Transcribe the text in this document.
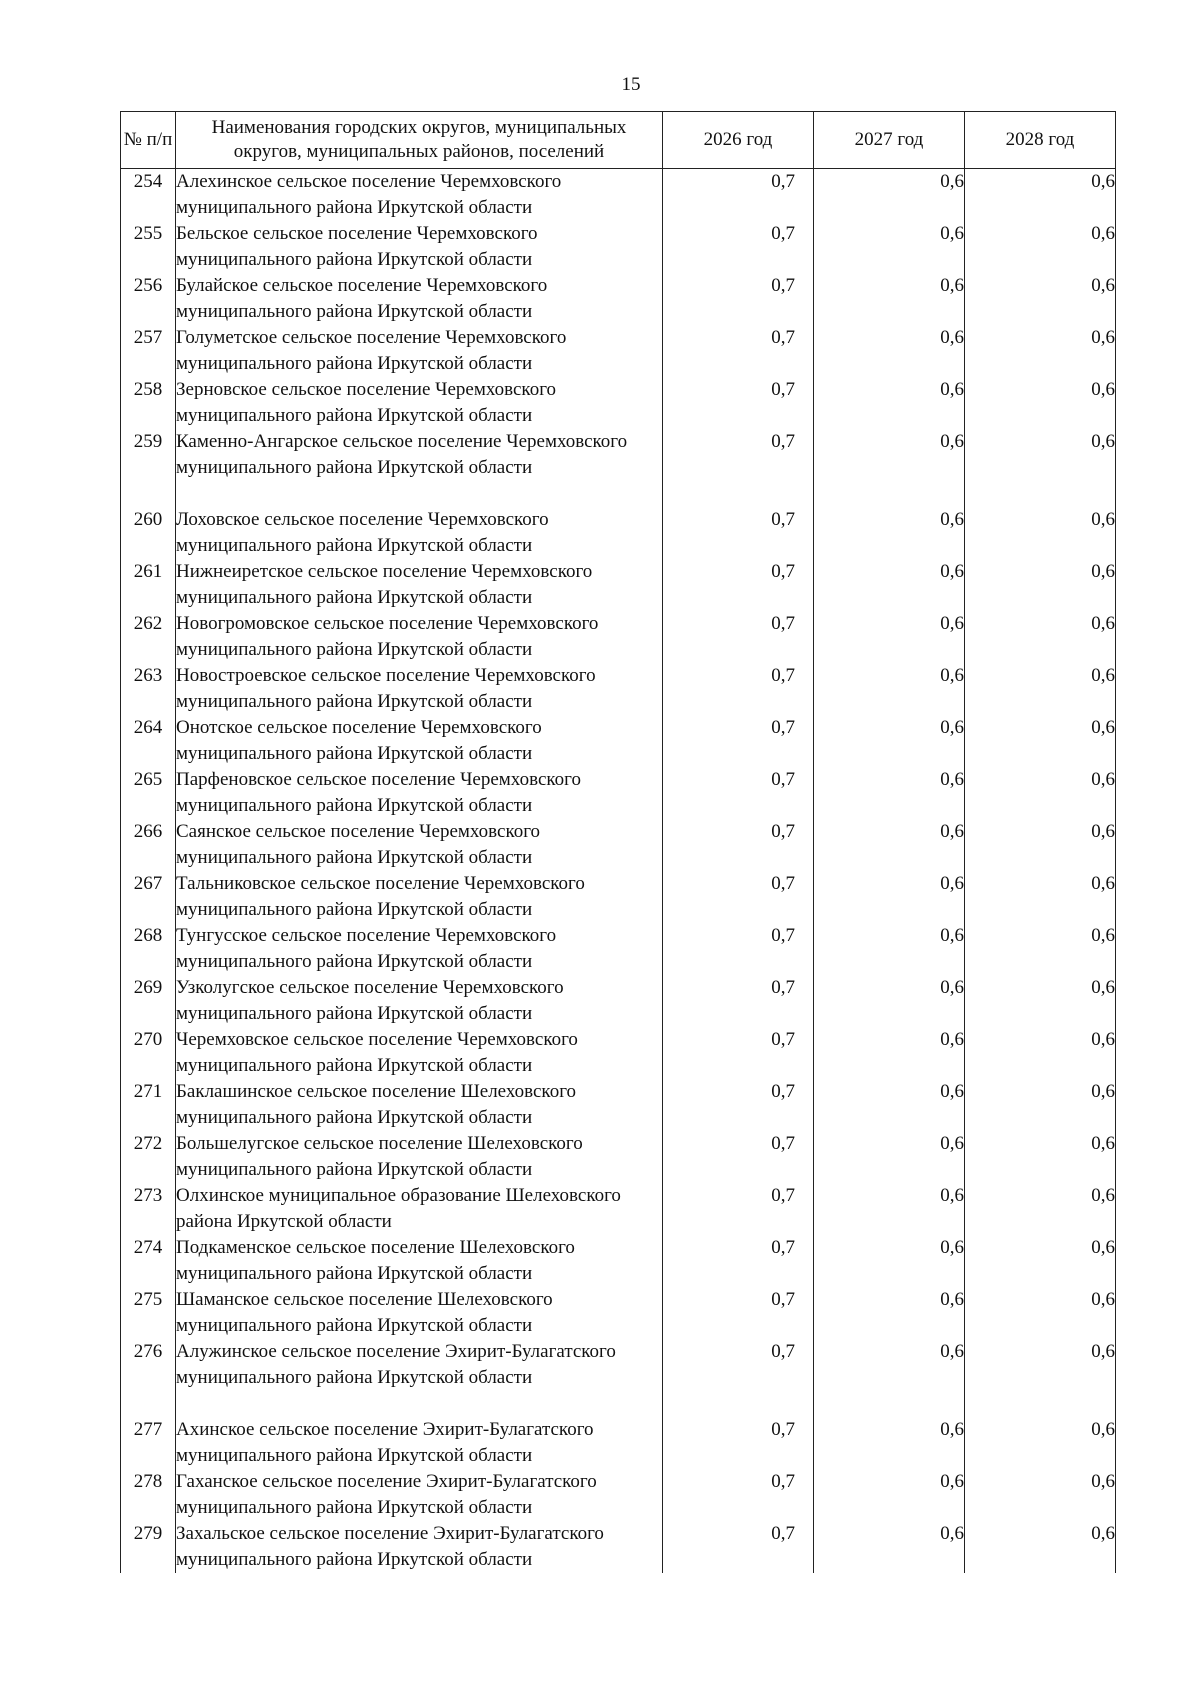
15
№ п/п	Наименования городских округов, муниципальных округов, муниципальных районов, поселений	2026 год	2027 год	2028 год
254	Алехинское сельское поселение Черемховского муниципального района Иркутской области	0,7	0,6	0,6
255	Бельское сельское поселение Черемховского муниципального района Иркутской области	0,7	0,6	0,6
256	Булайское сельское поселение Черемховского муниципального района Иркутской области	0,7	0,6	0,6
257	Голуметское сельское поселение Черемховского муниципального района Иркутской области	0,7	0,6	0,6
258	Зерновское сельское поселение Черемховского муниципального района Иркутской области	0,7	0,6	0,6
259	Каменно-Ангарское сельское поселение Черемховского муниципального района Иркутской области	0,7	0,6	0,6
260	Лоховское сельское поселение Черемховского муниципального района Иркутской области	0,7	0,6	0,6
261	Нижнеиретское сельское поселение Черемховского муниципального района Иркутской области	0,7	0,6	0,6
262	Новогромовское сельское поселение Черемховского муниципального района Иркутской области	0,7	0,6	0,6
263	Новостроевское сельское поселение Черемховского муниципального района Иркутской области	0,7	0,6	0,6
264	Онотское сельское поселение Черемховского муниципального района Иркутской области	0,7	0,6	0,6
265	Парфеновское сельское поселение Черемховского муниципального района Иркутской области	0,7	0,6	0,6
266	Саянское сельское поселение Черемховского муниципального района Иркутской области	0,7	0,6	0,6
267	Тальниковское сельское поселение Черемховского муниципального района Иркутской области	0,7	0,6	0,6
268	Тунгусское сельское поселение Черемховского муниципального района Иркутской области	0,7	0,6	0,6
269	Узколугское сельское поселение Черемховского муниципального района Иркутской области	0,7	0,6	0,6
270	Черемховское сельское поселение Черемховского муниципального района Иркутской области	0,7	0,6	0,6
271	Баклашинское сельское поселение Шелеховского муниципального района Иркутской области	0,7	0,6	0,6
272	Большелугское сельское поселение Шелеховского муниципального района Иркутской области	0,7	0,6	0,6
273	Олхинское муниципальное образование Шелеховского района Иркутской области	0,7	0,6	0,6
274	Подкаменское сельское поселение Шелеховского муниципального района Иркутской области	0,7	0,6	0,6
275	Шаманское сельское поселение Шелеховского муниципального района Иркутской области	0,7	0,6	0,6
276	Алужинское сельское поселение Эхирит-Булагатского муниципального района Иркутской области	0,7	0,6	0,6
277	Ахинское сельское поселение Эхирит-Булагатского муниципального района Иркутской области	0,7	0,6	0,6
278	Гаханское сельское поселение Эхирит-Булагатского муниципального района Иркутской области	0,7	0,6	0,6
279	Захальское сельское поселение Эхирит-Булагатского муниципального района Иркутской области	0,7	0,6	0,6
